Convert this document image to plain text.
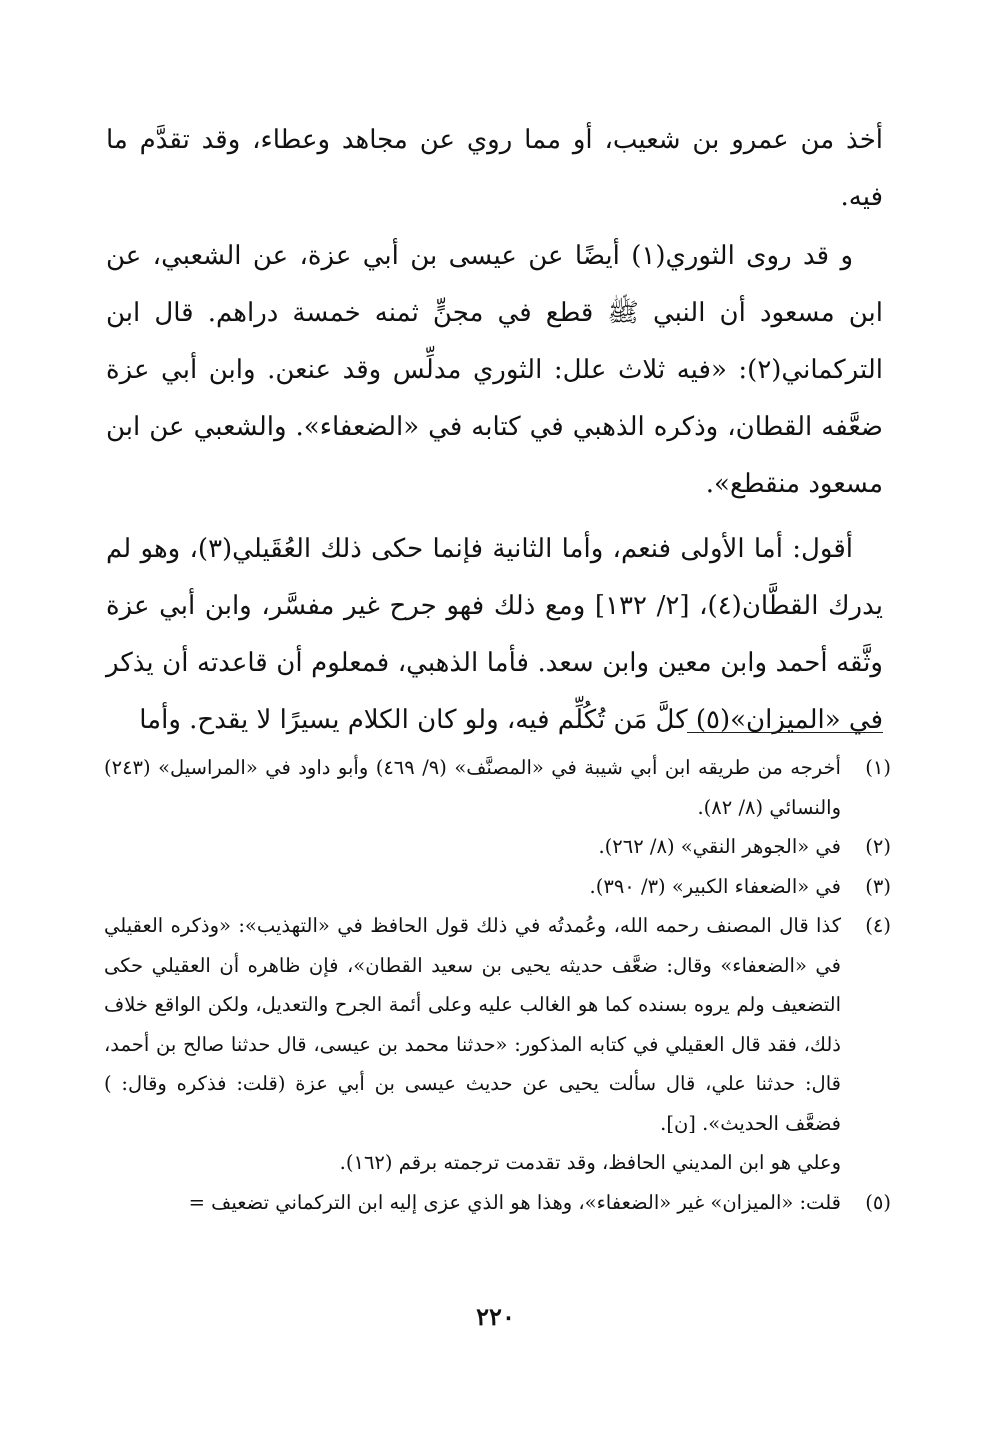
أخذ من عمرو بن شعيب، أو مما روي عن مجاهد وعطاء، وقد تقدَّم ما فيه.

و قد روى الثوري(١) أيضًا عن عيسى بن أبي عزة، عن الشعبي، عن ابن مسعود أن النبي ﷺ قطع في مجنٍّ ثمنه خمسة دراهم. قال ابن التركماني(٢): «فيه ثلاث علل: الثوري مدلِّس وقد عنعن. وابن أبي عزة ضعَّفه القطان، وذكره الذهبي في كتابه في «الضعفاء». والشعبي عن ابن مسعود منقطع».

أقول: أما الأولى فنعم، وأما الثانية فإنما حكى ذلك العُقَيلي(٣)، وهو لم يدرك القطَّان(٤)، [٢/ ١٣٢] ومع ذلك فهو جرح غير مفسَّر، وابن أبي عزة وثَّقه أحمد وابن معين وابن سعد. فأما الذهبي، فمعلوم أن قاعدته أن يذكر في «الميزان»(٥) كلَّ مَن تُكُلِّم فيه، ولو كان الكلام يسيرًا لا يقدح. وأما

(١)
أخرجه من طريقه ابن أبي شيبة في «المصنَّف» (٩/ ٤٦٩) وأبو داود في «المراسيل» (٢٤٣) والنسائي (٨/ ٨٢).
(٢)
في «الجوهر النقي» (٨/ ٢٦٢).
(٣)
في «الضعفاء الكبير» (٣/ ٣٩٠).
(٤)
كذا قال المصنف رحمه الله، وعُمدتُه في ذلك قول الحافظ في «التهذيب»: «وذكره العقيلي في «الضعفاء» وقال: ضعَّف حديثه يحيى بن سعيد القطان»، فإن ظاهره أن العقيلي حكى التضعيف ولم يروه بسنده كما هو الغالب عليه وعلى أئمة الجرح والتعديل، ولكن الواقع خلاف ذلك، فقد قال العقيلي في كتابه المذكور: «حدثنا محمد بن عيسى، قال حدثنا صالح بن أحمد، قال: حدثنا علي، قال سألت يحيى عن حديث عيسى بن أبي عزة (قلت: فذكره وقال: ) فضعَّف الحديث». [ن].
وعلي هو ابن المديني الحافظ، وقد تقدمت ترجمته برقم (١٦٢).
(٥)
قلت: «الميزان» غير «الضعفاء»، وهذا هو الذي عزى إليه ابن التركماني تضعيف =
٢٢٠
